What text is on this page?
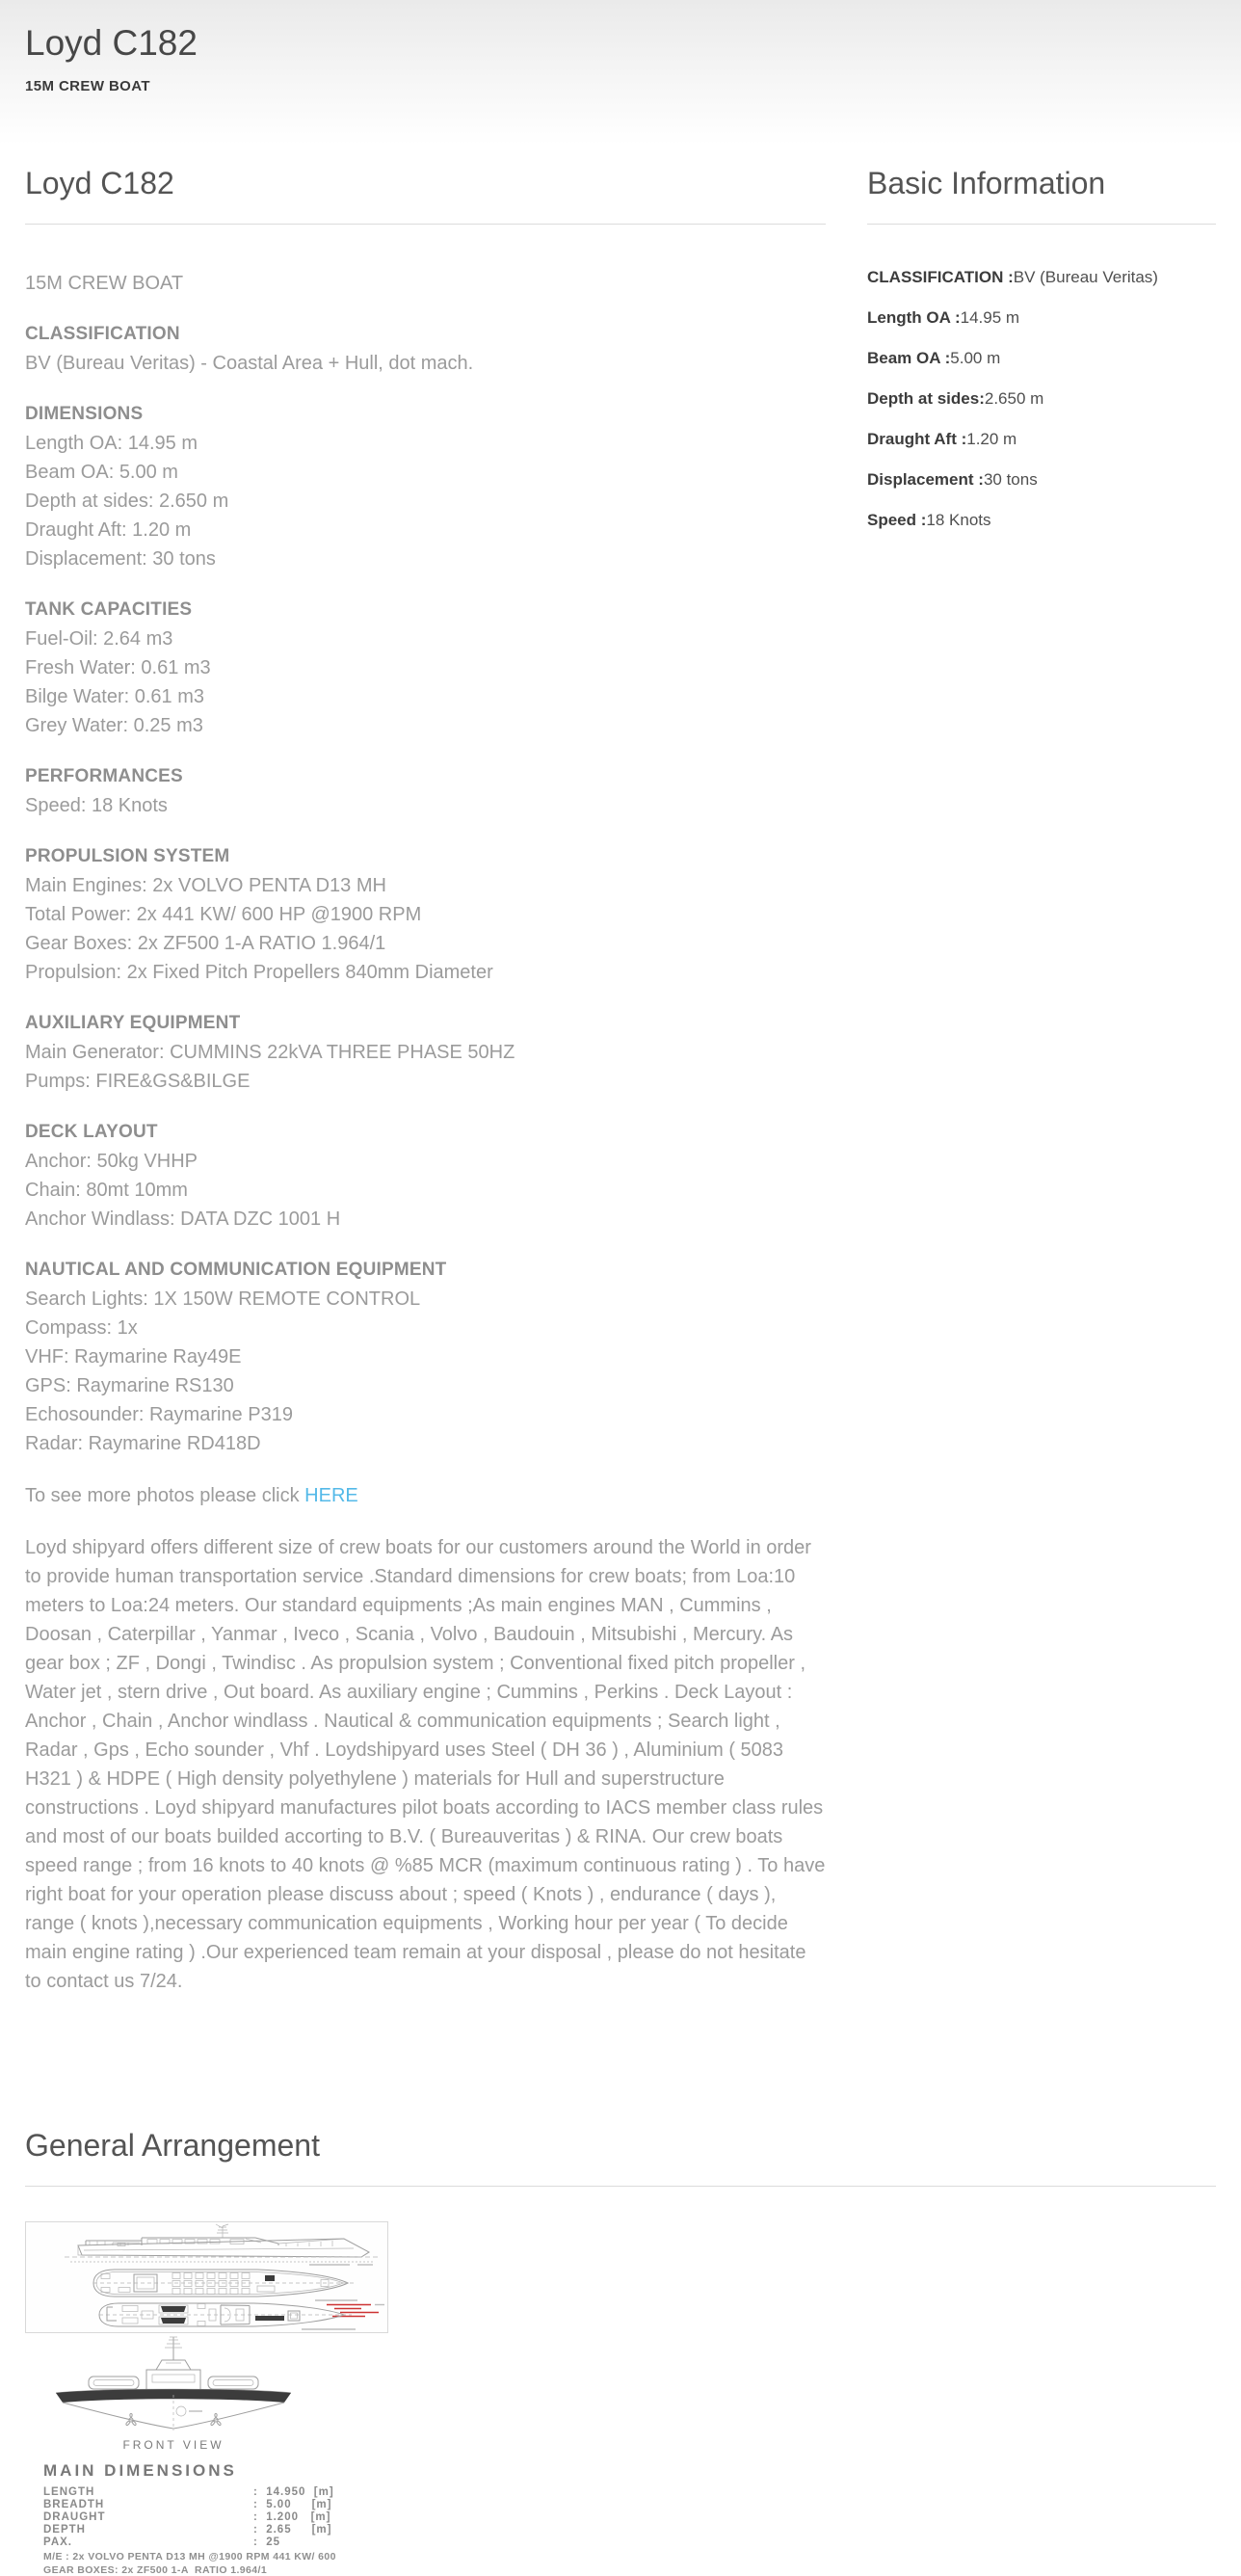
Loyd C182
15M CREW BOAT
Loyd C182
15M CREW BOAT
CLASSIFICATION

BV (Bureau Veritas) - Coastal Area + Hull, dot mach.

DIMENSIONS

Length OA: 14.95 m

Beam OA: 5.00 m

Depth at sides: 2.650 m

Draught Aft: 1.20 m

Displacement: 30 tons

TANK CAPACITIES

Fuel-Oil: 2.64 m3

Fresh Water: 0.61 m3

Bilge Water: 0.61 m3

Grey Water: 0.25 m3

PERFORMANCES

Speed: 18 Knots

PROPULSION SYSTEM

Main Engines: 2x VOLVO PENTA D13 MH

Total Power: 2x 441 KW/ 600 HP @1900 RPM

Gear Boxes: 2x ZF500 1-A RATIO 1.964/1

Propulsion: 2x Fixed Pitch Propellers 840mm Diameter

AUXILIARY EQUIPMENT

Main Generator: CUMMINS 22kVA THREE PHASE 50HZ

Pumps: FIRE&GS&BILGE

DECK LAYOUT

Anchor: 50kg VHHP

Chain: 80mt 10mm

Anchor Windlass: DATA DZC 1001 H

NAUTICAL AND COMMUNICATION EQUIPMENT

Search Lights: 1X 150W REMOTE CONTROL

Compass: 1x

VHF: Raymarine Ray49E

GPS: Raymarine RS130

Echosounder: Raymarine P319

Radar: Raymarine RD418D

To see more photos please click HERE
Loyd shipyard offers different size of crew boats for our customers around the World in order to provide human transportation service .Standard dimensions for crew boats; from Loa:10 meters to Loa:24 meters. Our standard equipments ;As main engines MAN , Cummins , Doosan , Caterpillar , Yanmar , Iveco , Scania , Volvo , Baudouin , Mitsubishi , Mercury. As gear box ; ZF , Dongi , Twindisc . As propulsion system ; Conventional fixed pitch propeller , Water jet , stern drive , Out board. As auxiliary engine ; Cummins , Perkins . Deck Layout : Anchor , Chain , Anchor windlass . Nautical & communication equipments ; Search light , Radar , Gps , Echo sounder , Vhf . Loydshipyard uses Steel ( DH 36 ) , Aluminium ( 5083 H321 ) & HDPE ( High density polyethylene ) materials for Hull and superstructure constructions . Loyd shipyard manufactures pilot boats according to IACS member class rules and most of our boats builded accorting to B.V. ( Bureauveritas ) & RINA. Our crew boats speed range ; from 16 knots to 40 knots @ %85 MCR (maximum continuous rating ) . To have right boat for your operation please discuss about ; speed ( Knots ) , endurance ( days ), range ( knots ),necessary communication equipments , Working hour per year ( To decide main engine rating ) .Our experienced team remain at your disposal , please do not hesitate to contact us 7/24.
Basic Information
CLASSIFICATION :BV (Bureau Veritas)
Length OA :14.95 m
Beam OA :5.00 m
Depth at sides:2.650 m
Draught Aft :1.20 m
Displacement :30 tons
Speed :18 Knots
General Arrangement
FRONT VIEW
MAIN DIMENSIONS
LENGTH	:  14.950  [m]
BREADTH	:  5.00     [m]
DRAUGHT	:  1.200   [m]
DEPTH	:  2.65     [m]
PAX.	:  25
M/E : 2x VOLVO PENTA D13 MH @1900 RPM 441 KW/ 600
GEAR BOXES: 2x ZF500 1-A  RATIO 1.964/1
